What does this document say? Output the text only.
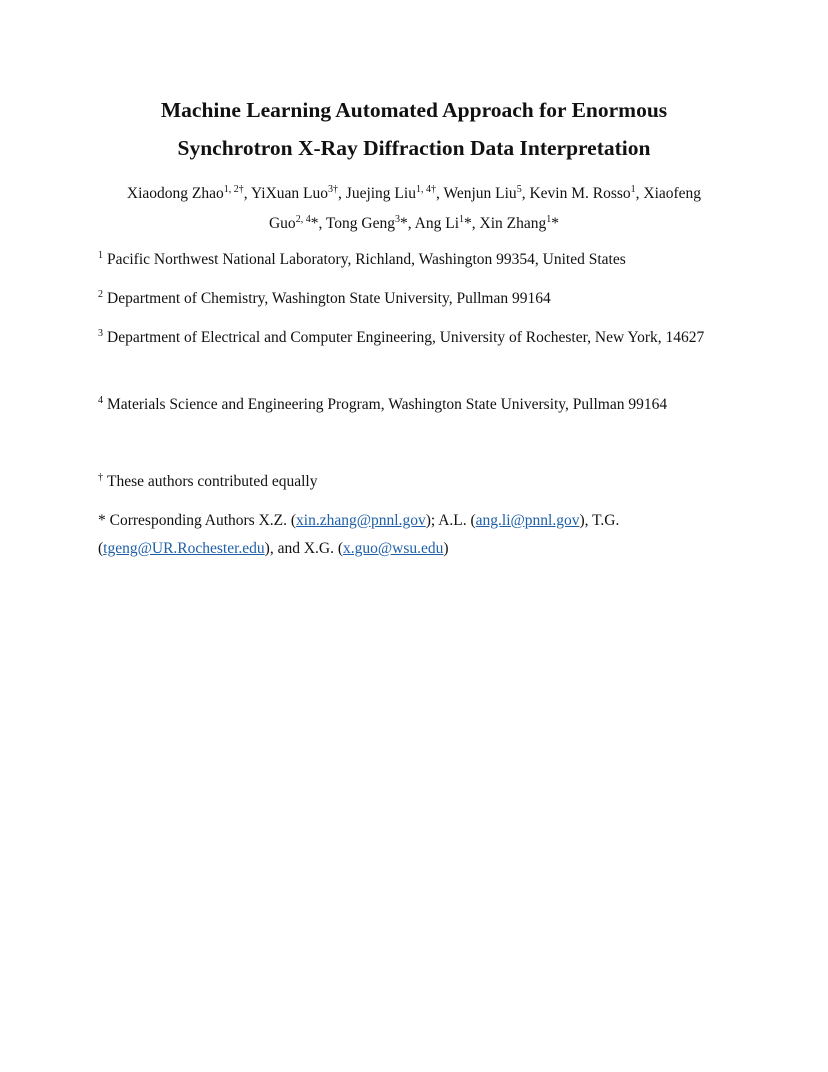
Machine Learning Automated Approach for Enormous
Synchrotron X-Ray Diffraction Data Interpretation
Xiaodong Zhao$^{1, 2\dagger}$, YiXuan Luo$^{3\dagger}$, Juejing Liu$^{1, 4\dagger}$, Wenjun Liu$^5$, Kevin M. Rosso$^1$, Xiaofeng
Guo$^{2, 4}$*, Tong Geng$^3$*, Ang Li$^1$*, Xin Zhang$^1$*
$^1$ Pacific Northwest National Laboratory, Richland, Washington 99354, United States
$^2$ Department of Chemistry, Washington State University, Pullman 99164
$^3$ Department of Electrical and Computer Engineering, University of Rochester, New York, 14627
$^4$ Materials Science and Engineering Program, Washington State University, Pullman 99164
† These authors contributed equally
* Corresponding Authors X.Z. (xin.zhang@pnnl.gov); A.L. (ang.li@pnnl.gov), T.G.
(tgeng@UR.Rochester.edu), and X.G. (x.guo@wsu.edu)
